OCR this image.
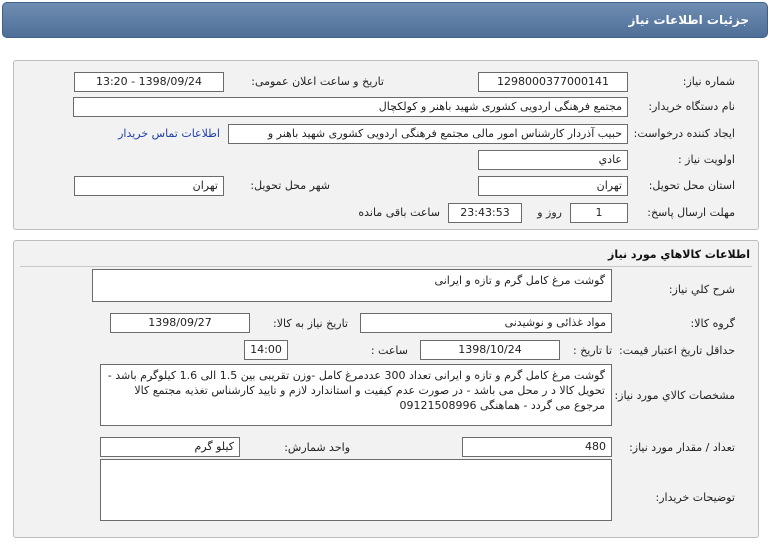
جزئیات اطلاعات نیاز
شماره نیاز:
1298000377000141
تاریخ و ساعت اعلان عمومی:
1398/09/24 - 13:20
نام دستگاه خریدار:
مجتمع فرهنگی اردویی کشوری شهید باهنر و کولکچال
ایجاد کننده درخواست:
حبیب آذردار کارشناس امور مالی مجتمع فرهنگی اردویی کشوری شهید باهنر و
اطلاعات تماس خریدار
اولویت نیاز :
عادي
استان محل تحویل:
تهران
شهر محل تحویل:
تهران
مهلت ارسال پاسخ:
1
روز و
23:43:53
ساعت باقی مانده
اطلاعات کالاهاي مورد نياز
شرح کلي نياز:
گوشت مرغ کامل گرم و تازه و ایرانی
گروه کالا:
مواد غذائی و نوشیدنی
تاریخ نیاز به کالا:
1398/09/27
حداقل تاریخ اعتبار قیمت:
تا تاریخ :
1398/10/24
ساعت :
14:00
مشخصات کالاي مورد نياز:
گوشت مرغ کامل گرم و تازه و ایرانی تعداد 300 عددمرغ کامل -وزن تقریبی بین 1.5 الی 1.6 کیلوگرم باشد - تحویل کالا د ر محل می باشد - در صورت عدم کیفیت و استاندارد لازم و تایید کارشناس تغذیه مجتمع کالا مرجوع می گردد - هماهنگی 09121508996
تعداد / مقدار مورد نیاز:
480
واحد شمارش:
کیلو گرم
توضیحات خریدار:
